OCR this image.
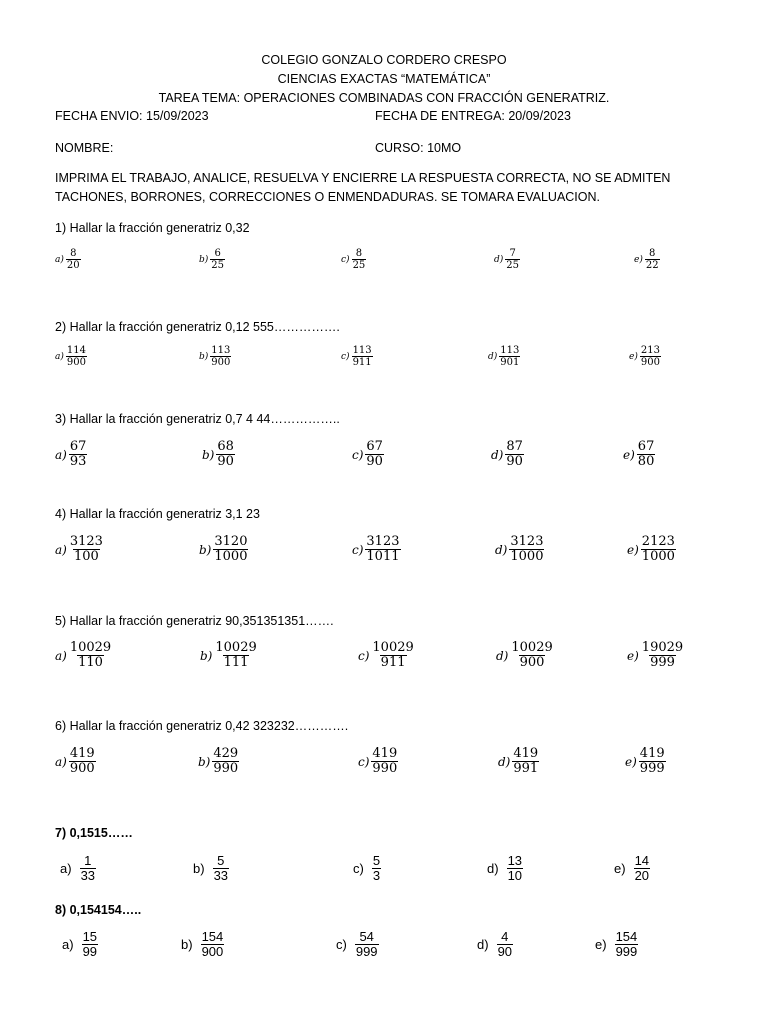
COLEGIO GONZALO CORDERO CRESPO
CIENCIAS EXACTAS “MATEMÁTICA”
TAREA TEMA: OPERACIONES COMBINADAS CON FRACCIÓN GENERATRIZ.
FECHA ENVIO: 15/09/2023	FECHA DE ENTREGA: 20/09/2023
NOMBRE:	CURSO: 10MO
IMPRIMA EL TRABAJO, ANALICE, RESUELVA Y ENCIERRE LA RESPUESTA CORRECTA, NO SE ADMITEN TACHONES, BORRONES, CORRECCIONES O ENMENDADURAS. SE TOMARA EVALUACION.
1) Hallar la fracción generatriz 0,32
$a) \frac{8}{20}$	$b) \frac{6}{25}$	$c) \frac{8}{25}$	$d) \frac{7}{25}$	$e) \frac{8}{22}$
2) Hallar la fracción generatriz 0,12 555…………….
$a) \frac{114}{900}$	$b) \frac{113}{900}$	$c) \frac{113}{911}$	$d) \frac{113}{901}$	$e) \frac{213}{900}$
3) Hallar la fracción generatriz 0,7 4 44……………..
$a) \frac{67}{93}$	$b) \frac{68}{90}$	$c) \frac{67}{90}$	$d) \frac{87}{90}$	$e) \frac{67}{80}$
4) Hallar la fracción generatriz 3,1 23
$a) \frac{3123}{100}$	$b) \frac{3120}{1000}$	$c) \frac{3123}{1011}$	$d) \frac{3123}{1000}$	$e) \frac{2123}{1000}$
5) Hallar la fracción generatriz 90,351351351…….
$a) \frac{10029}{110}$	$b) \frac{10029}{111}$	$c) \frac{10029}{911}$	$d) \frac{10029}{900}$	$e) \frac{19029}{999}$
6) Hallar la fracción generatriz 0,42 323232………….
$a) \frac{419}{900}$	$b) \frac{429}{990}$	$c) \frac{419}{990}$	$d) \frac{419}{991}$	$e) \frac{419}{999}$
7) 0,1515……
$a) \frac{1}{33}$	$b) \frac{5}{33}$	$c) \frac{5}{3}$	$d) \frac{13}{10}$	$e) \frac{14}{20}$
8) 0,154154…..
$a) \frac{15}{99}$	$b) \frac{154}{900}$	$c) \frac{54}{999}$	$d) \frac{4}{90}$	$e) \frac{154}{999}$
